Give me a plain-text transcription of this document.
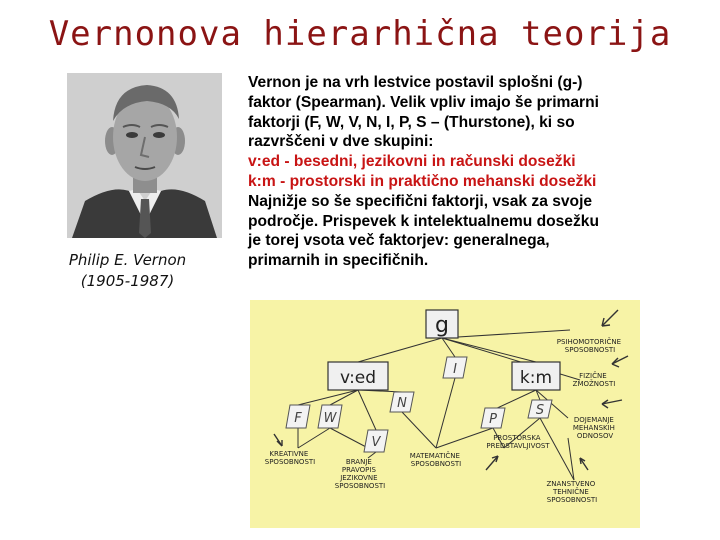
Vernonova hierarhična teorija
Philip E. Vernon
(1905-1987)
Vernon je na vrh lestvice postavil splošni (g-)
faktor (Spearman). Velik vpliv imajo še primarni
faktorji (F, W, V, N, I, P, S – (Thurstone), ki so
razvrščeni v dve skupini:
v:ed - besedni, jezikovni in računski dosežki
k:m - prostorski in praktično mehanski dosežki
Najnižje so še specifični faktorji, vsak za svoje
področje. Prispevek k intelektualnemu dosežku
je torej vsota več faktorjev: generalnega,
primarnih in specifičnih.
g
v:ed	k:m
F W
V
N
I
P
S
PSIHOMOTORIČNE SPOSOBNOSTI
FIZIČNE ZMOŽNOSTI
DOJEMANJE MEHANSKIH ODNOSOV
PROSTORSKA PREDSTAVLJIVOST
ZNANSTVENO TEHNIČNE SPOSOBNOSTI
MATEMATIČNE SPOSOBNOSTI
BRANJE PRAVOPIS JEZIKOVNE SPOSOBNOSTI
KREATIVNE SPOSOBNOSTI
